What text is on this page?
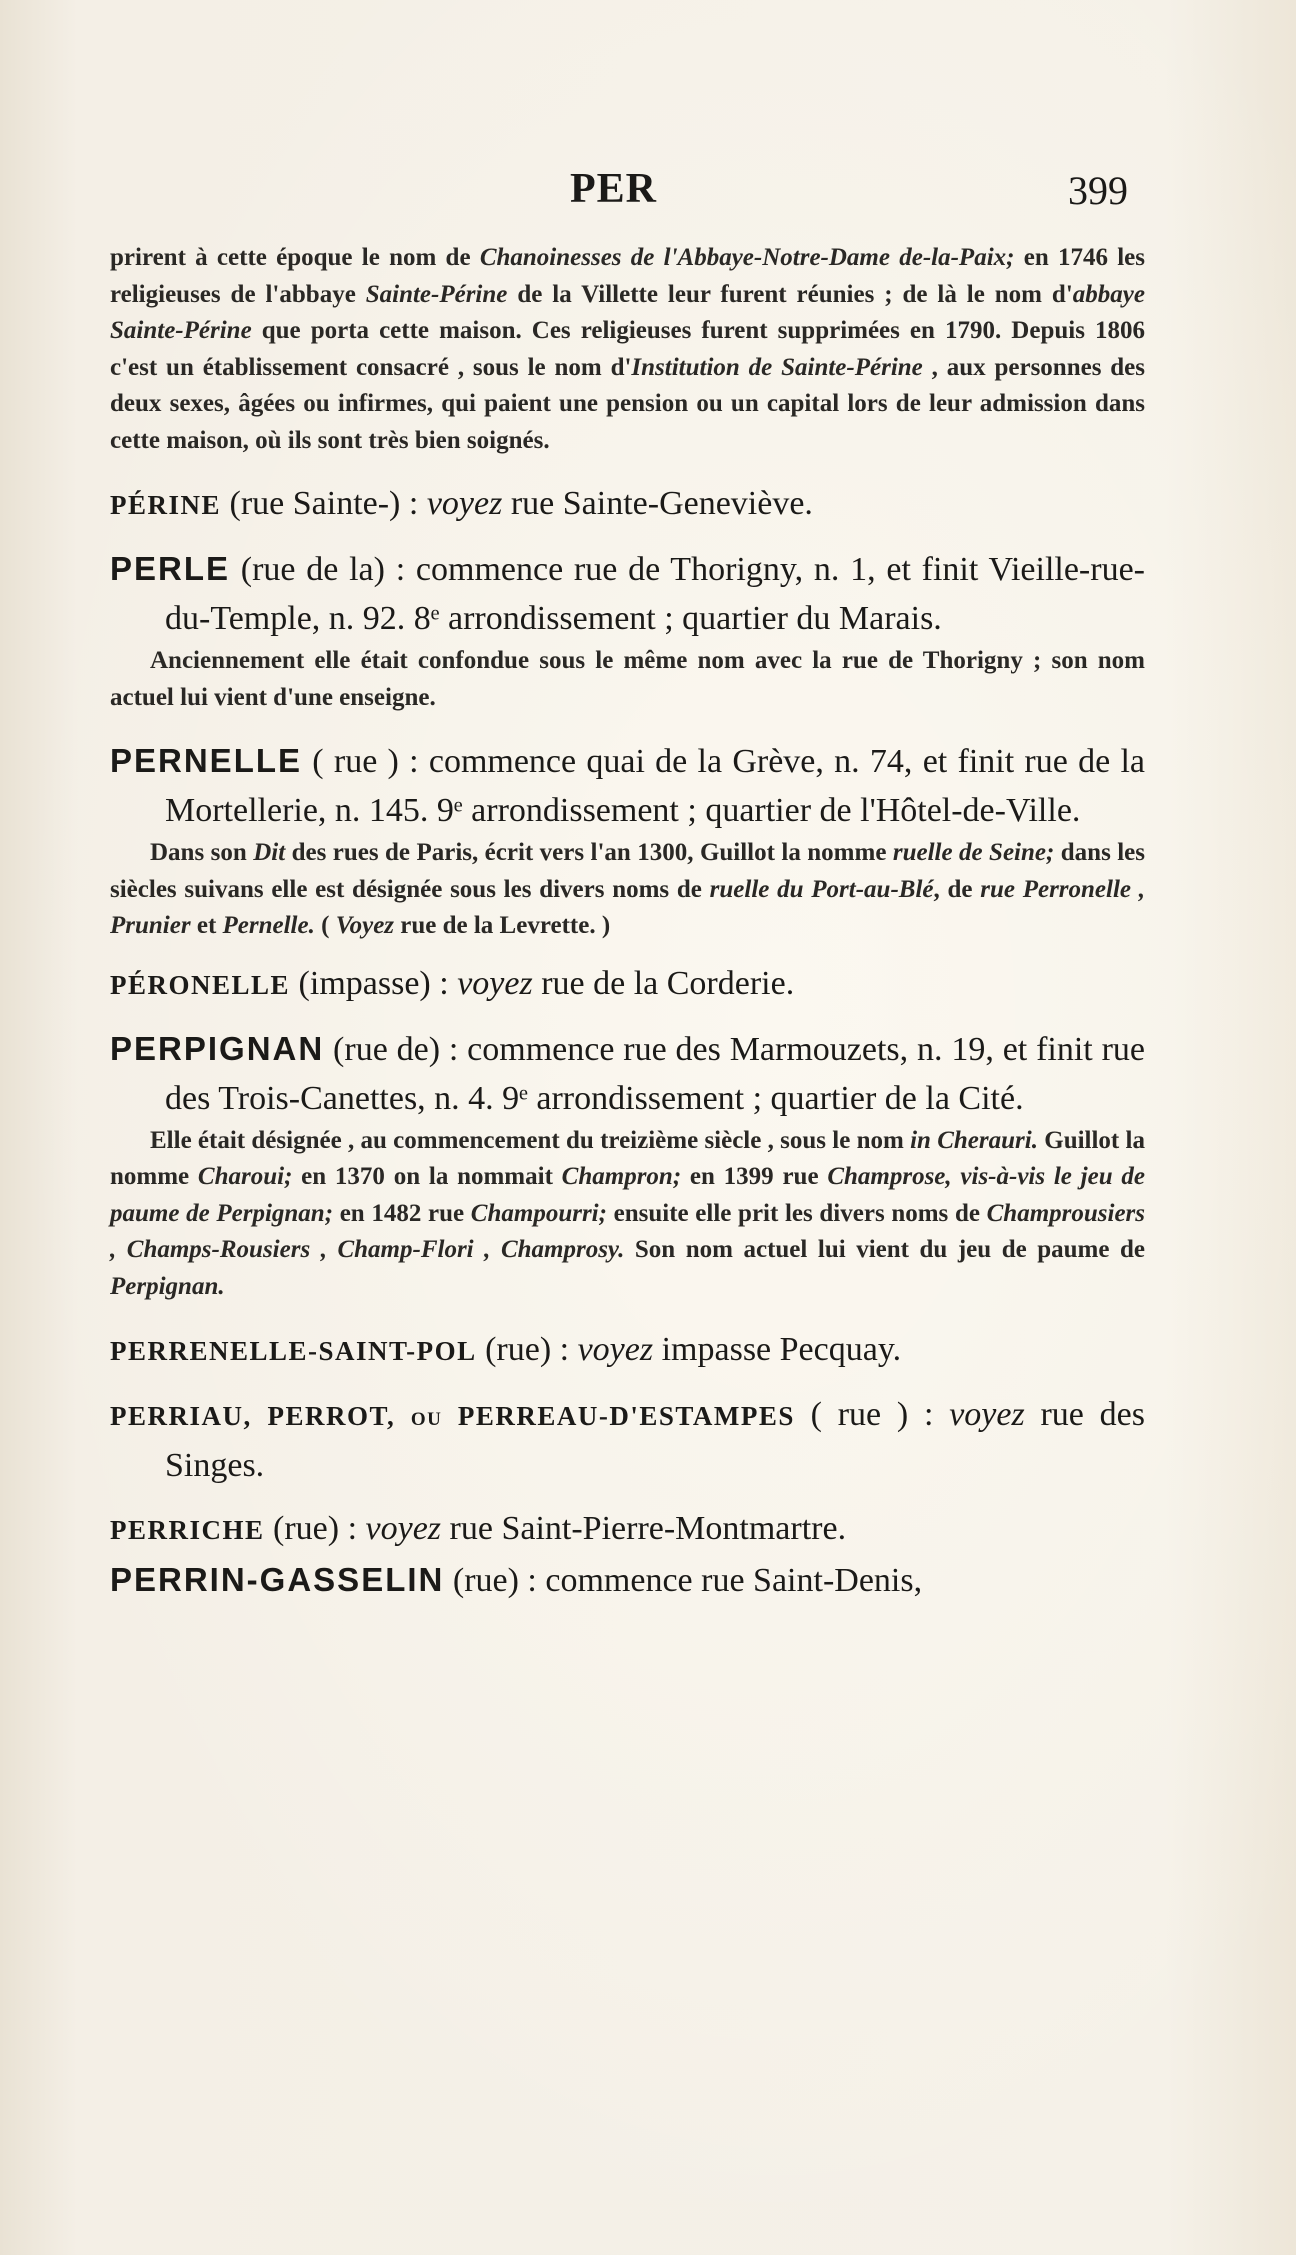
PER	399

prirent à cette époque le nom de Chanoinesses de l'Abbaye-Notre-Dame de-la-Paix; en 1746 les religieuses de l'abbaye Sainte-Périne de la Villette leur furent réunies ; de là le nom d'abbaye Sainte-Périne que porta cette maison. Ces religieuses furent supprimées en 1790. Depuis 1806 c'est un établissement consacré , sous le nom d'Institution de Sainte-Périne , aux personnes des deux sexes, âgées ou infirmes, qui paient une pension ou un capital lors de leur admission dans cette maison, où ils sont très bien soignés.

PÉRINE (rue Sainte-) : voyez rue Sainte-Geneviève.

PERLE (rue de la) : commence rue de Thorigny, n. 1, et finit Vieille-rue-du-Temple, n. 92. 8ᵉ arrondissement ; quartier du Marais.

Anciennement elle était confondue sous le même nom avec la rue de Thorigny ; son nom actuel lui vient d'une enseigne.

PERNELLE ( rue ) : commence quai de la Grève, n. 74, et finit rue de la Mortellerie, n. 145. 9ᵉ arrondissement ; quartier de l'Hôtel-de-Ville.

Dans son Dit des rues de Paris, écrit vers l'an 1300, Guillot la nomme ruelle de Seine; dans les siècles suivans elle est désignée sous les divers noms de ruelle du Port-au-Blé, de rue Perronelle , Prunier et Pernelle. ( Voyez rue de la Levrette. )

PÉRONELLE (impasse) : voyez rue de la Corderie.

PERPIGNAN (rue de) : commence rue des Marmouzets, n. 19, et finit rue des Trois-Canettes, n. 4. 9ᵉ arrondissement ; quartier de la Cité.

Elle était désignée , au commencement du treizième siècle , sous le nom in Cherauri. Guillot la nomme Charoui; en 1370 on la nommait Champron; en 1399 rue Champrose, vis-à-vis le jeu de paume de Perpignan; en 1482 rue Champourri; ensuite elle prit les divers noms de Champrousiers , Champs-Rousiers , Champ-Flori , Champrosy. Son nom actuel lui vient du jeu de paume de Perpignan.

PERRENELLE-SAINT-POL (rue) : voyez impasse Pecquay.

PERRIAU, PERROT, ou PERREAU-D'ESTAMPES ( rue ) : voyez rue des Singes.

PERRICHE (rue) : voyez rue Saint-Pierre-Montmartre.

PERRIN-GASSELIN (rue) : commence rue Saint-Denis,
